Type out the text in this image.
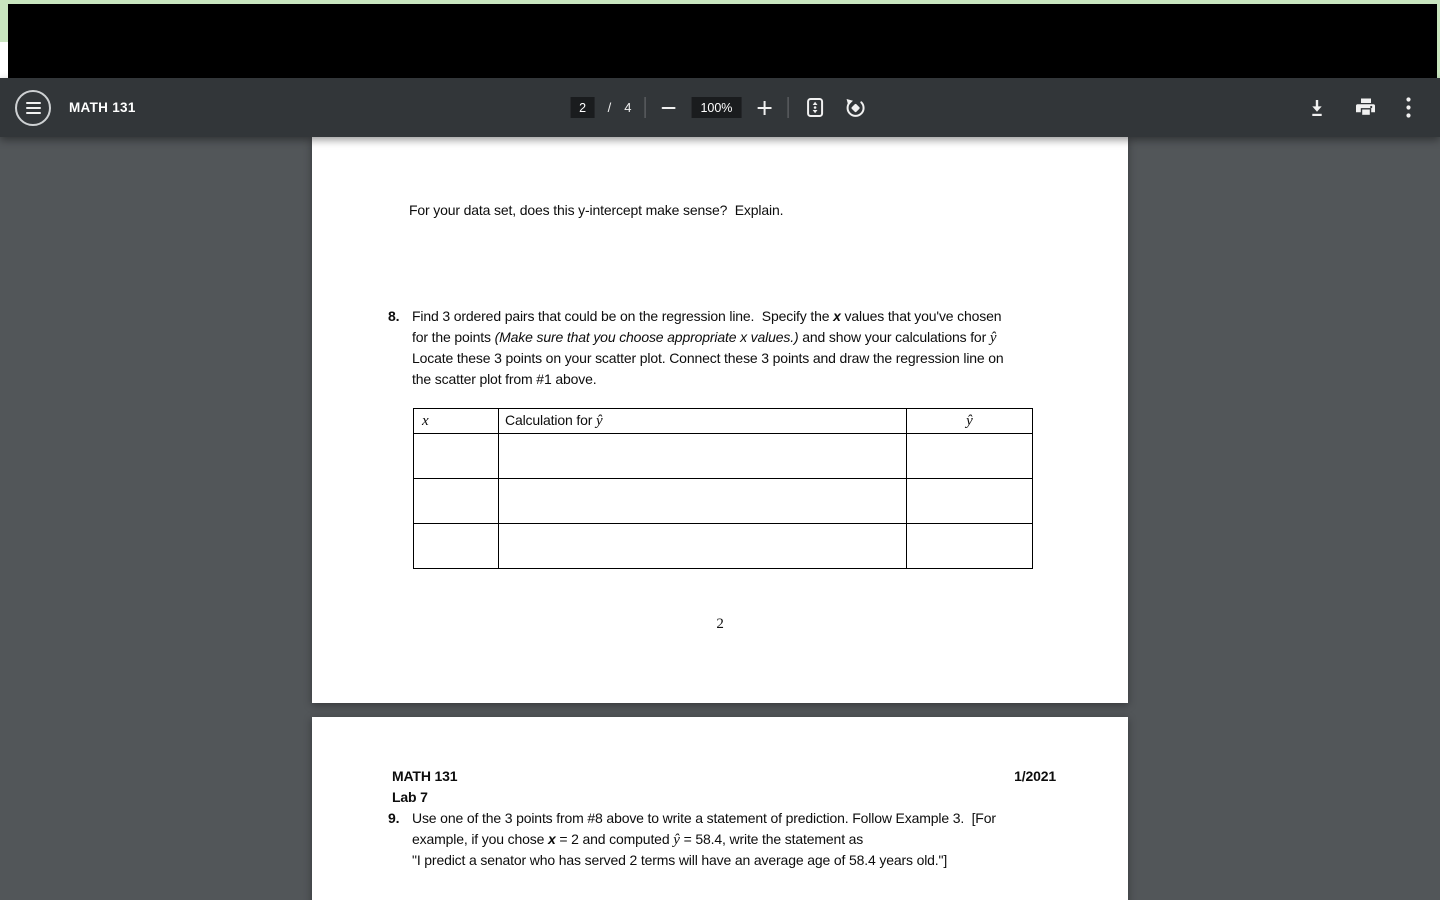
MATH 131
2	/ 4	100%
For your data set, does this y-intercept make sense?  Explain.
8. Find 3 ordered pairs that could be on the regression line.  Specify the x values that you've chosen
for the points (Make sure that you choose appropriate x values.) and show your calculations for ŷ
Locate these 3 points on your scatter plot. Connect these 3 points and draw the regression line on
the scatter plot from #1 above.
x	Calculation for ŷ	ŷ

2
MATH 131	1/2021
Lab 7
9. Use one of the 3 points from #8 above to write a statement of prediction. Follow Example 3.  [For
example, if you chose x = 2 and computed ŷ = 58.4, write the statement as
"I predict a senator who has served 2 terms will have an average age of 58.4 years old."]
